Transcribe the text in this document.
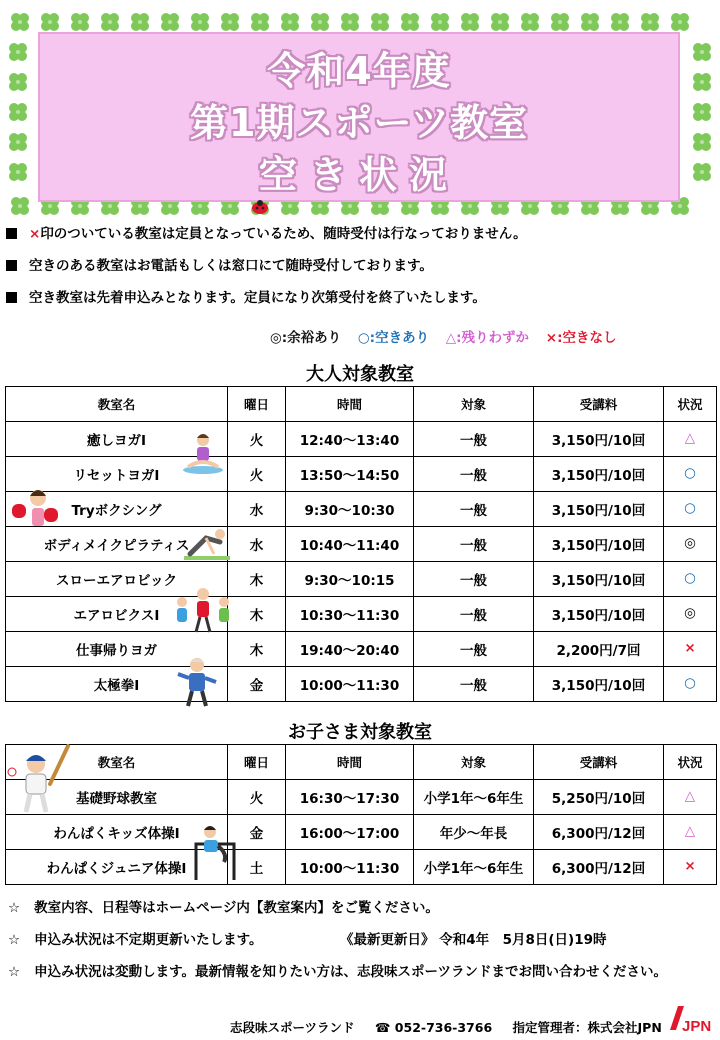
令和4年度
第1期スポーツ教室
空き状況
×印のついている教室は定員となっているため、随時受付は行なっておりません。
空きのある教室はお電話もしくは窓口にて随時受付しております。
空き教室は先着申込みとなります。定員になり次第受付を終了いたします。
◎:余裕あり ○:空きあり △:残りわずか ×:空きなし
大人対象教室
教室名	曜日	時間	対象	受講料	状況
癒しヨガⅠ	火	12:40～13:40	一般	3,150円/10回	△
リセットヨガⅠ	火	13:50～14:50	一般	3,150円/10回	○
Tryボクシング	水	9:30～10:30	一般	3,150円/10回	○
ボディメイクピラティス	水	10:40～11:40	一般	3,150円/10回	◎
スローエアロビック	木	9:30～10:15	一般	3,150円/10回	○
エアロビクスⅠ	木	10:30～11:30	一般	3,150円/10回	◎
仕事帰りヨガ	木	19:40～20:40	一般	2,200円/7回	×
太極拳Ⅰ	金	10:00～11:30	一般	3,150円/10回	○
お子さま対象教室
教室名	曜日	時間	対象	受講料	状況
基礎野球教室	火	16:30～17:30	小学1年～6年生	5,250円/10回	△
わんぱくキッズ体操Ⅰ	金	16:00～17:00	年少～年長	6,300円/12回	△
わんぱくジュニア体操Ⅰ	土	10:00～11:30	小学1年～6年生	6,300円/12回	×
☆ 教室内容、日程等はホームページ内【教室案内】をご覧ください。
☆ 申込み状況は不定期更新いたします。	《最新更新日》 令和4年　5月8日(日)19時
☆ 申込み状況は変動します。最新情報を知りたい方は、志段味スポーツランドまでお問い合わせください。
志段味スポーツランド ☎ 052-736-3766 指定管理者：株式会社JPN	JPN
